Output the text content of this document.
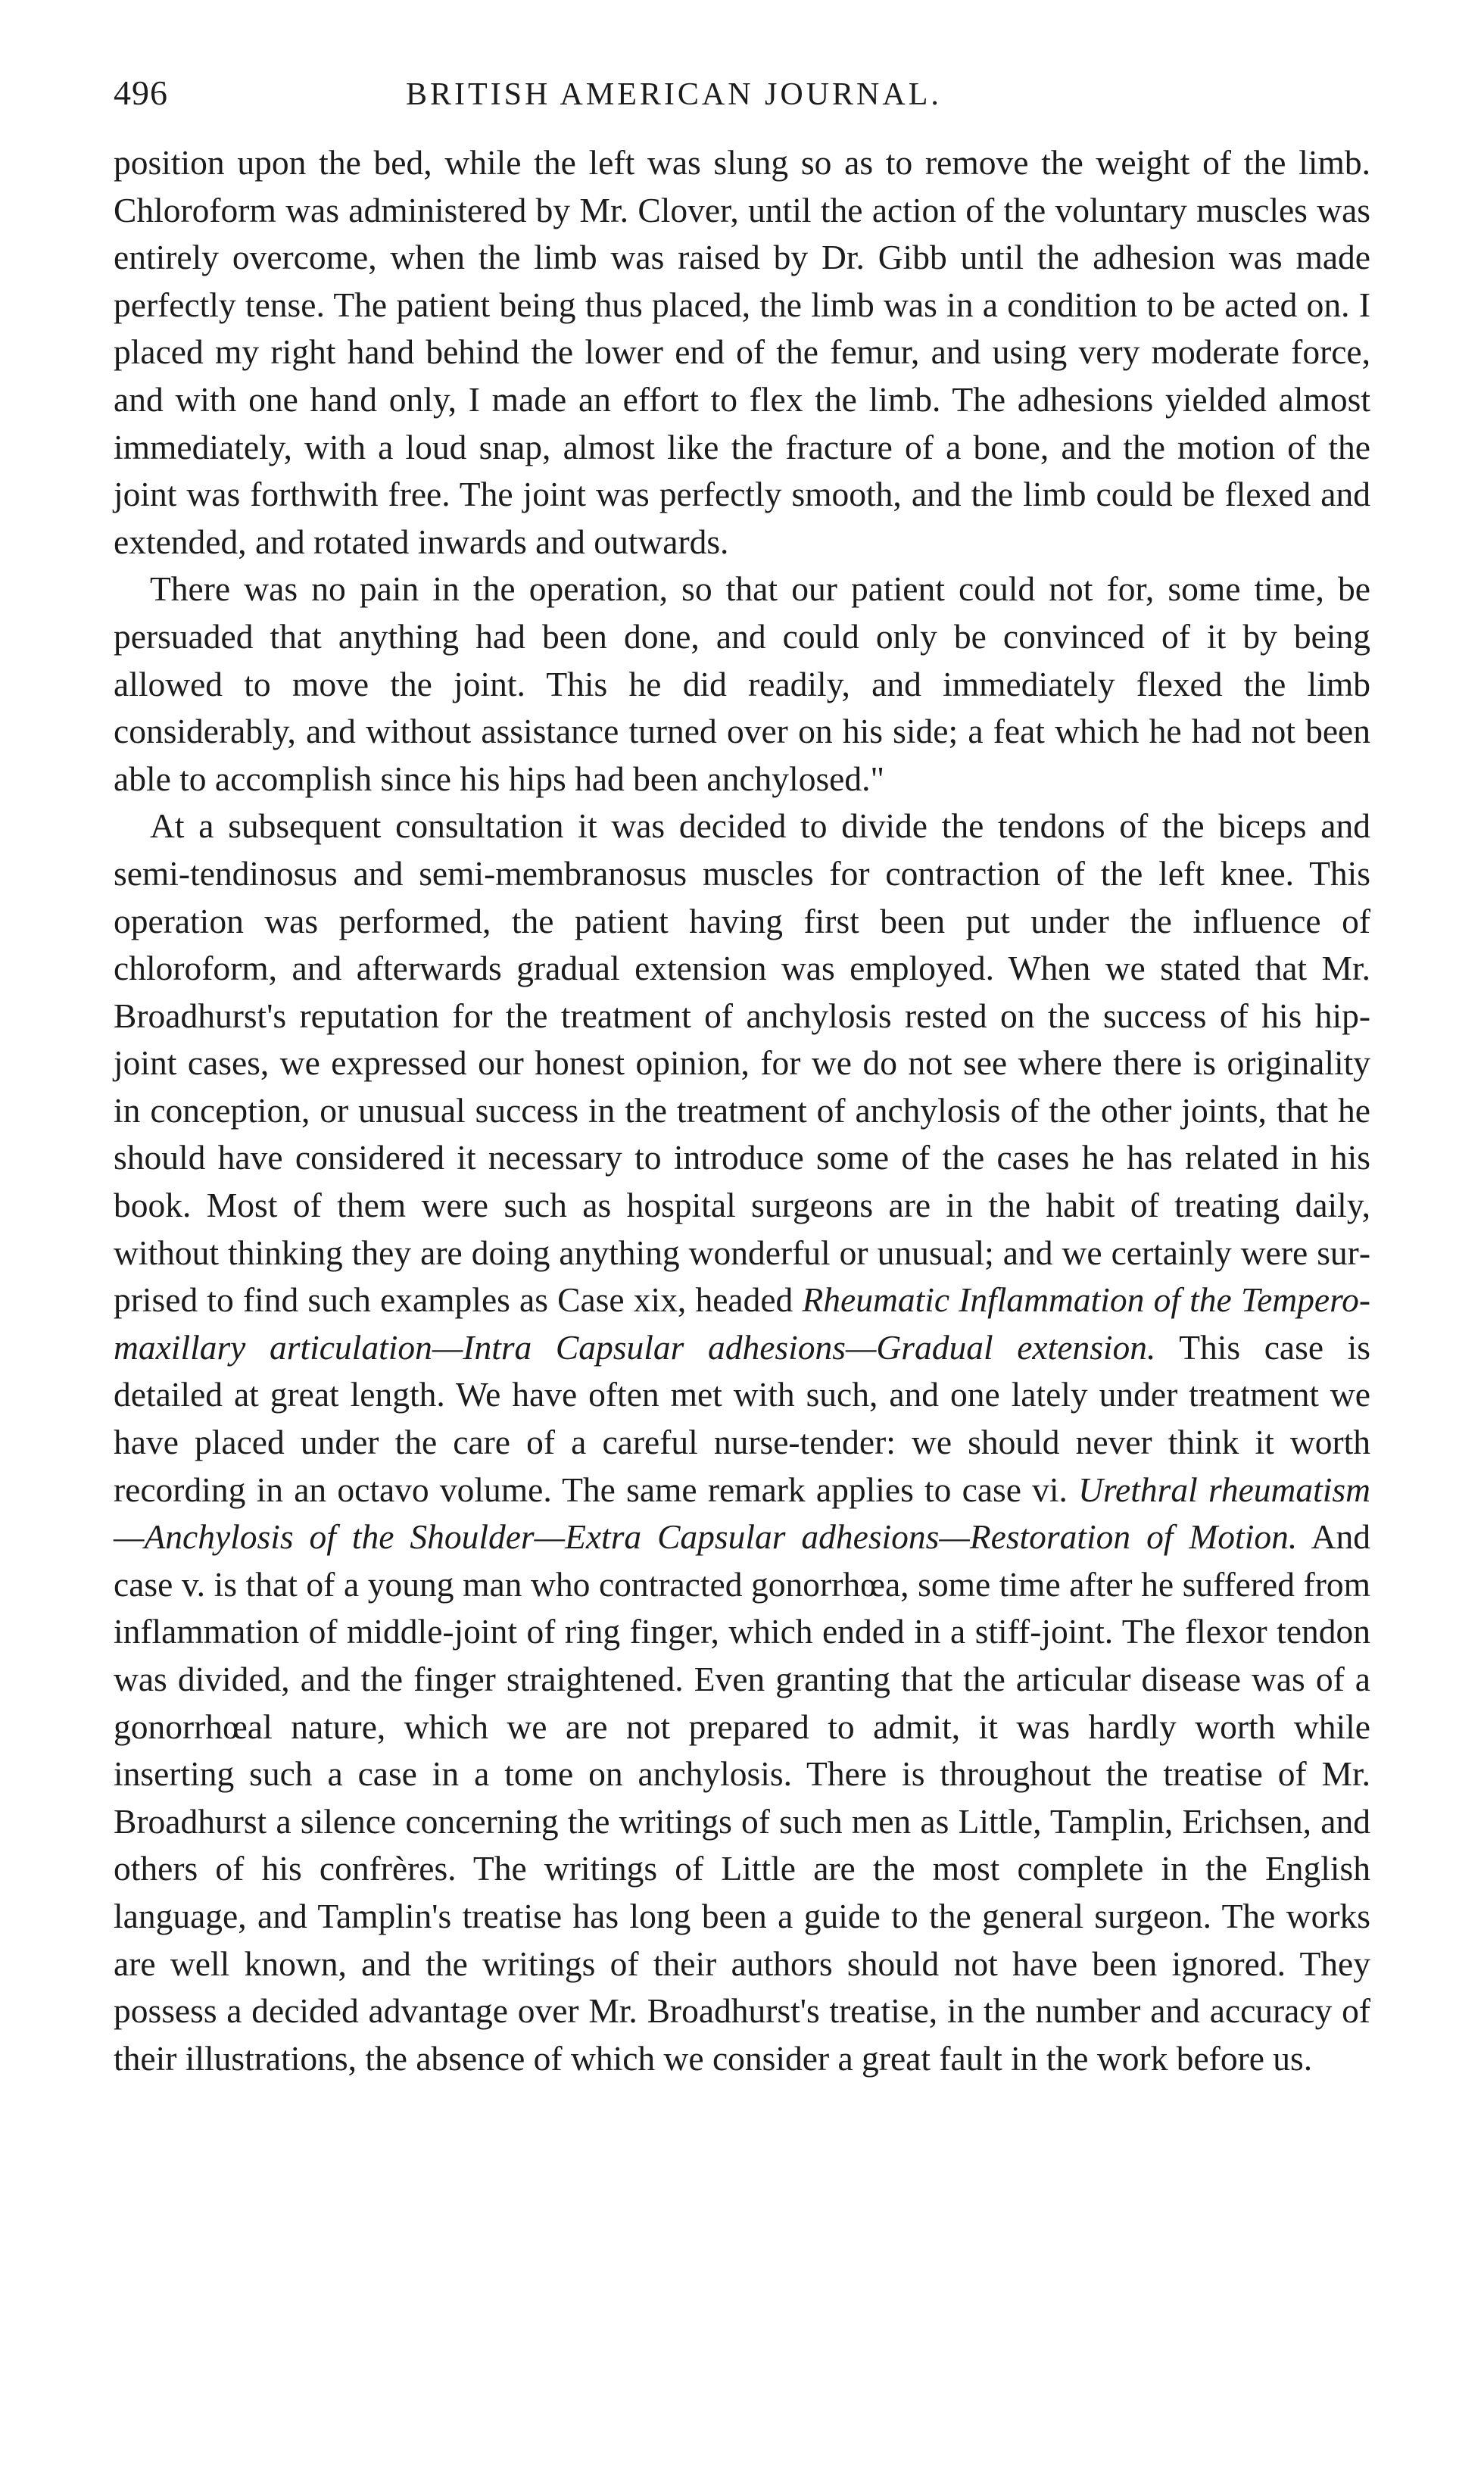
496	BRITISH AMERICAN JOURNAL.

position upon the bed, while the left was slung so as to remove the weight of the limb. Chloroform was administered by Mr. Clover, until the action of the voluntary muscles was entirely overcome, when the limb was raised by Dr. Gibb until the adhesion was made perfectly tense. The patient being thus placed, the limb was in a condition to be acted on. I placed my right hand behind the lower end of the femur, and using very moderate force, and with one hand only, I made an effort to flex the limb. The adhesions yielded almost immediately, with a loud snap, almost like the fracture of a bone, and the motion of the joint was forthwith free. The joint was perfectly smooth, and the limb could be flexed and extended, and rotated inwards and outwards.

There was no pain in the operation, so that our patient could not for, some time, be persuaded that anything had been done, and could only be convinced of it by being allowed to move the joint. This he did readily, and immediately flexed the limb considerably, and without assistance turned over on his side; a feat which he had not been able to accomplish since his hips had been anchylosed."

At a subsequent consultation it was decided to divide the tendons of the biceps and semi-tendinosus and semi-membranosus muscles for contraction of the left knee. This operation was performed, the patient having first been put under the influence of chloroform, and afterwards gradual extension was employed. When we stated that Mr. Broadhurst's reputation for the treatment of anchylosis rested on the success of his hip-joint cases, we expressed our honest opinion, for we do not see where there is originality in conception, or unusual success in the treatment of anchylosis of the other joints, that he should have considered it necessary to introduce some of the cases he has related in his book. Most of them were such as hospital surgeons are in the habit of treating daily, without thinking they are doing anything wonderful or unusual; and we certainly were surprised to find such examples as Case xix, headed Rheumatic Inflammation of the Tempero-maxillary articulation—Intra Capsular adhesions—Gradual extension. This case is detailed at great length. We have often met with such, and one lately under treatment we have placed under the care of a careful nurse-tender: we should never think it worth recording in an octavo volume. The same remark applies to case vi. Urethral rheumatism—Anchylosis of the Shoulder—Extra Capsular adhesions—Restoration of Motion. And case v. is that of a young man who contracted gonorrhœa, some time after he suffered from inflammation of middle-joint of ring finger, which ended in a stiff-joint. The flexor tendon was divided, and the finger straightened. Even granting that the articular disease was of a gonorrhœal nature, which we are not prepared to admit, it was hardly worth while inserting such a case in a tome on anchylosis. There is throughout the treatise of Mr. Broadhurst a silence concerning the writings of such men as Little, Tamplin, Erichsen, and others of his confrères. The writings of Little are the most complete in the English language, and Tamplin's treatise has long been a guide to the general surgeon. The works are well known, and the writings of their authors should not have been ignored. They possess a decided advantage over Mr. Broadhurst's treatise, in the number and accuracy of their illustrations, the absence of which we consider a great fault in the work before us.
